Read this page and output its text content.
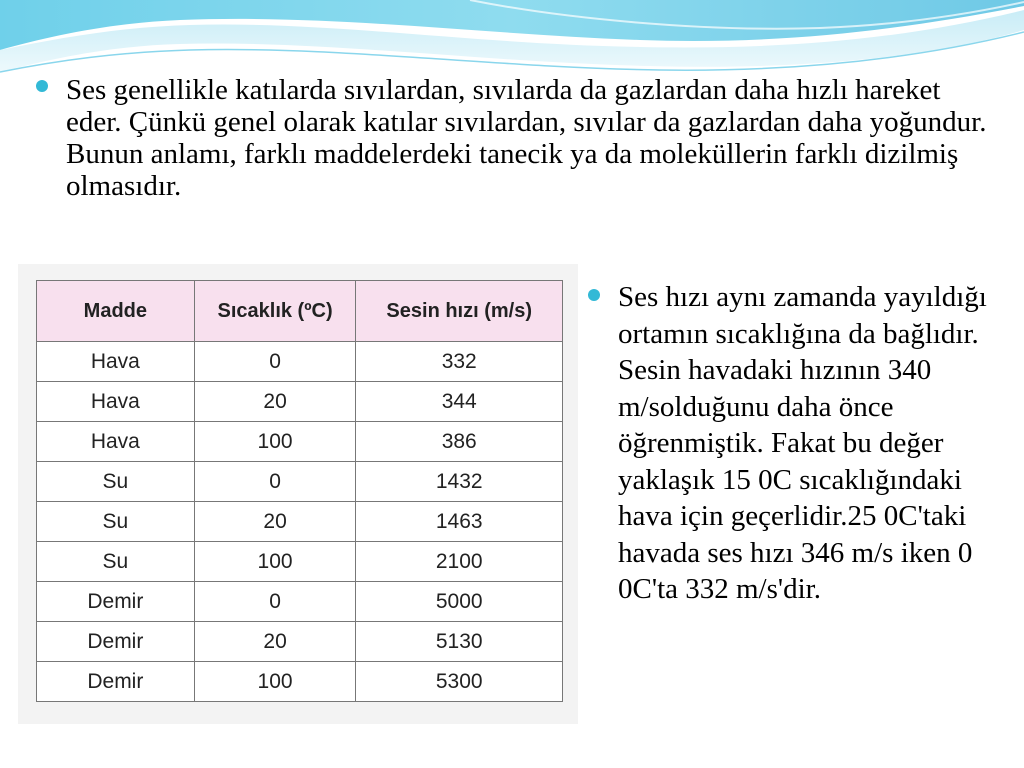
Ses genellikle katılarda sıvılardan, sıvılarda da gazlardan daha hızlı hareket eder. Çünkü genel olarak katılar sıvılardan, sıvılar da gazlardan daha yoğundur. Bunun anlamı, farklı maddelerdeki tanecik ya da moleküllerin farklı dizilmiş olmasıdır.
Madde	Sıcaklık (ºC)	Sesin hızı (m/s)
Hava	0	332
Hava	20	344
Hava	100	386
Su	0	1432
Su	20	1463
Su	100	2100
Demir	0	5000
Demir	20	5130
Demir	100	5300
Ses hızı aynı zamanda yayıldığı ortamın sıcaklığına da bağlıdır. Sesin havadaki hızının 340 m/solduğunu daha önce öğrenmiştik. Fakat bu değer yaklaşık 15 0C sıcaklığındaki hava için geçerlidir.25 0C'taki havada ses hızı 346 m/s iken 0 0C'ta 332 m/s'dir.
